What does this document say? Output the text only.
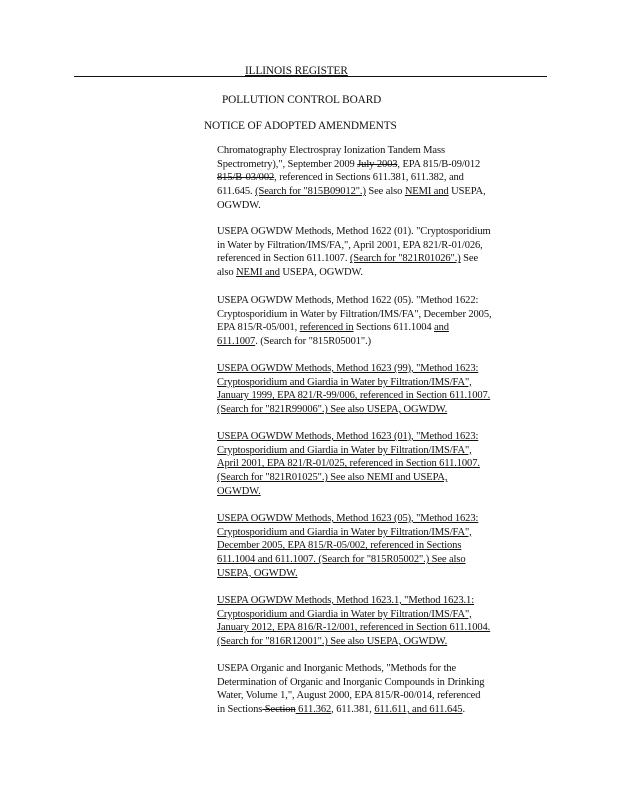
ILLINOIS REGISTER
POLLUTION CONTROL BOARD
NOTICE OF ADOPTED AMENDMENTS
Chromatography Electrospray Ionization Tandem Mass
Spectrometry),", September 2009 July 2003, EPA 815/B-09/012
815/B-03/002, referenced in Sections 611.381, 611.382, and
611.645. (Search for "815B09012".) See also NEMI and USEPA,
OGWDW.
USEPA OGWDW Methods, Method 1622 (01). "Cryptosporidium
in Water by Filtration/IMS/FA,", April 2001, EPA 821/R-01/026,
referenced in Section 611.1007. (Search for "821R01026".) See
also NEMI and USEPA, OGWDW.
USEPA OGWDW Methods, Method 1622 (05). "Method 1622:
Cryptosporidium in Water by Filtration/IMS/FA", December 2005,
EPA 815/R-05/001, referenced in Sections 611.1004 and
611.1007. (Search for "815R05001".)
USEPA OGWDW Methods, Method 1623 (99), "Method 1623:
Cryptosporidium and Giardia in Water by Filtration/IMS/FA",
January 1999, EPA 821/R-99/006, referenced in Section 611.1007.
(Search for "821R99006".) See also USEPA, OGWDW.
USEPA OGWDW Methods, Method 1623 (01), "Method 1623:
Cryptosporidium and Giardia in Water by Filtration/IMS/FA",
April 2001, EPA 821/R-01/025, referenced in Section 611.1007.
(Search for "821R01025".) See also NEMI and USEPA,
OGWDW.
USEPA OGWDW Methods, Method 1623 (05), "Method 1623:
Cryptosporidium and Giardia in Water by Filtration/IMS/FA",
December 2005, EPA 815/R-05/002, referenced in Sections
611.1004 and 611.1007. (Search for "815R05002".) See also
USEPA, OGWDW.
USEPA OGWDW Methods, Method 1623.1, "Method 1623.1:
Cryptosporidium and Giardia in Water by Filtration/IMS/FA",
January 2012, EPA 816/R-12/001, referenced in Section 611.1004.
(Search for "816R12001".) See also USEPA, OGWDW.
USEPA Organic and Inorganic Methods, "Methods for the
Determination of Organic and Inorganic Compounds in Drinking
Water, Volume 1,", August 2000, EPA 815/R-00/014, referenced
in Sections Section 611.362, 611.381, 611.611, and 611.645.
